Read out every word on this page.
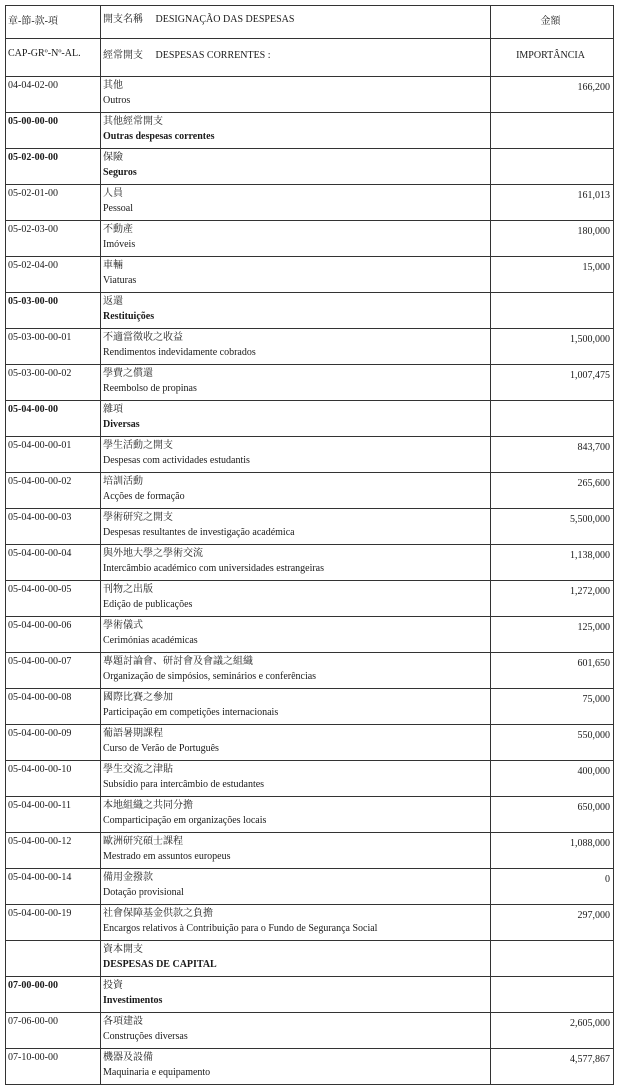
章-節-款-項	開支名稱 DESIGNAÇÃO DAS DESPESAS	金額
CAP-GRº-Nº-AL.	經常開支 DESPESAS CORRENTES :	IMPORTÂNCIA
04-04-02-00	其他
Outros	166,200
05-00-00-00	其他經常開支
Outras despesas correntes	

05-02-00-00	保險
Seguros	

05-02-01-00	人員
Pessoal	161,013
05-02-03-00	不動產
Imóveis	180,000
05-02-04-00	車輛
Viaturas	15,000
05-03-00-00	返還
Restituições	

05-03-00-00-01	不適當徵收之收益
Rendimentos indevidamente cobrados	1,500,000
05-03-00-00-02	學費之償還
Reembolso de propinas	1,007,475
05-04-00-00	雜項
Diversas	

05-04-00-00-01	學生活動之開支
Despesas com actividades estudantis	843,700
05-04-00-00-02	培訓活動
Acções de formação	265,600
05-04-00-00-03	學術研究之開支
Despesas resultantes de investigação académica	5,500,000
05-04-00-00-04	與外地大學之學術交流
Intercâmbio académico com universidades estrangeiras	1,138,000
05-04-00-00-05	刊物之出版
Edição de publicações	1,272,000
05-04-00-00-06	學術儀式
Cerimónias académicas	125,000
05-04-00-00-07	專題討論會、研討會及會議之組織
Organização de simpósios, seminários e conferências	601,650
05-04-00-00-08	國際比賽之參加
Participação em competições internacionais	75,000
05-04-00-00-09	葡語暑期課程
Curso de Verão de Português	550,000
05-04-00-00-10	學生交流之津貼
Subsídio para intercâmbio de estudantes	400,000
05-04-00-00-11	本地組織之共同分擔
Comparticipação em organizações locais	650,000
05-04-00-00-12	歐洲研究碩士課程
Mestrado em assuntos europeus	1,088,000
05-04-00-00-14	備用金撥款
Dotação provisional	0
05-04-00-00-19	社會保障基金供款之負擔
Encargos relativos à Contribuição para o Fundo de Segurança Social	297,000

	資本開支
DESPESAS DE CAPITAL	

07-00-00-00	投資
Investimentos	

07-06-00-00	各項建設
Construções diversas	2,605,000
07-10-00-00	機器及設備
Maquinaria e equipamento	4,577,867
